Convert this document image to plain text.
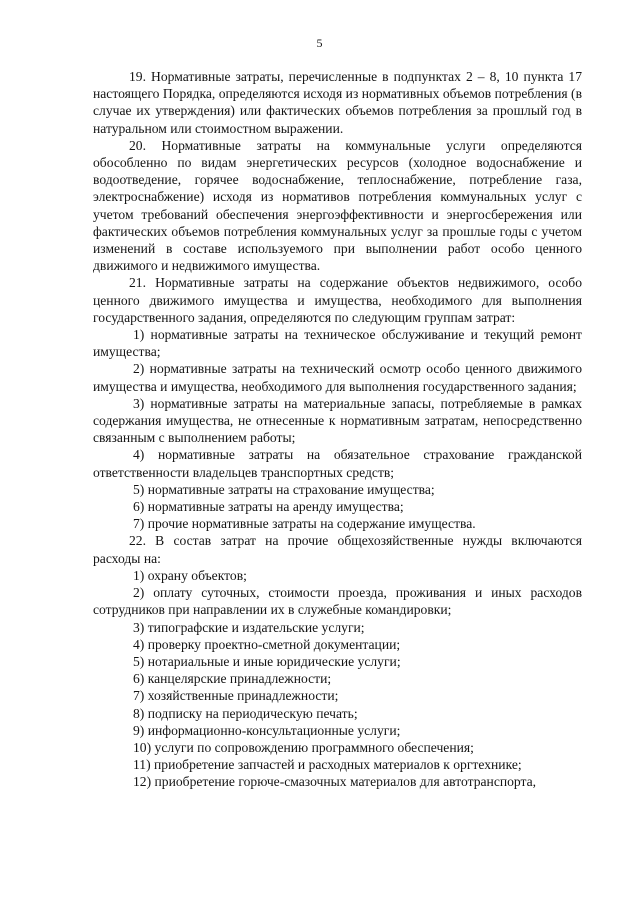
5

19. Нормативные затраты, перечисленные в подпунктах 2 – 8, 10 пункта 17 настоящего Порядка, определяются исходя из нормативных объемов потребления (в случае их утверждения) или фактических объемов потребления за прошлый год в натуральном или стоимостном выражении.

20. Нормативные затраты на коммунальные услуги определяются обособленно по видам энергетических ресурсов (холодное водоснабжение и водоотведение, горячее водоснабжение, теплоснабжение, потребление газа, электроснабжение) исходя из нормативов потребления коммунальных услуг с учетом требований обеспечения энергоэффективности и энергосбережения или фактических объемов потребления коммунальных услуг за прошлые годы с учетом изменений в составе используемого при выполнении работ особо ценного движимого и недвижимого имущества.

21. Нормативные затраты на содержание объектов недвижимого, особо ценного движимого имущества и имущества, необходимого для выполнения государственного задания, определяются по следующим группам затрат:

1) нормативные затраты на техническое обслуживание и текущий ремонт имущества;

2) нормативные затраты на технический осмотр особо ценного движимого имущества и имущества, необходимого для выполнения государственного задания;

3) нормативные затраты на материальные запасы, потребляемые в рамках содержания имущества, не отнесенные к нормативным затратам, непосредственно связанным с выполнением работы;

4) нормативные затраты на обязательное страхование гражданской ответственности владельцев транспортных средств;

5) нормативные затраты на страхование имущества;

6) нормативные затраты на аренду имущества;

7) прочие нормативные затраты на содержание имущества.

22. В состав затрат на прочие общехозяйственные нужды включаются расходы на:

1) охрану объектов;

2) оплату суточных, стоимости проезда, проживания и иных расходов сотрудников при направлении их в служебные командировки;

3) типографские и издательские услуги;

4) проверку проектно-сметной документации;

5) нотариальные и иные юридические услуги;

6) канцелярские принадлежности;

7) хозяйственные принадлежности;

8) подписку на периодическую печать;

9) информационно-консультационные услуги;

10) услуги по сопровождению программного обеспечения;

11) приобретение запчастей и расходных материалов к оргтехнике;

12) приобретение горюче-смазочных материалов для автотранспорта,
